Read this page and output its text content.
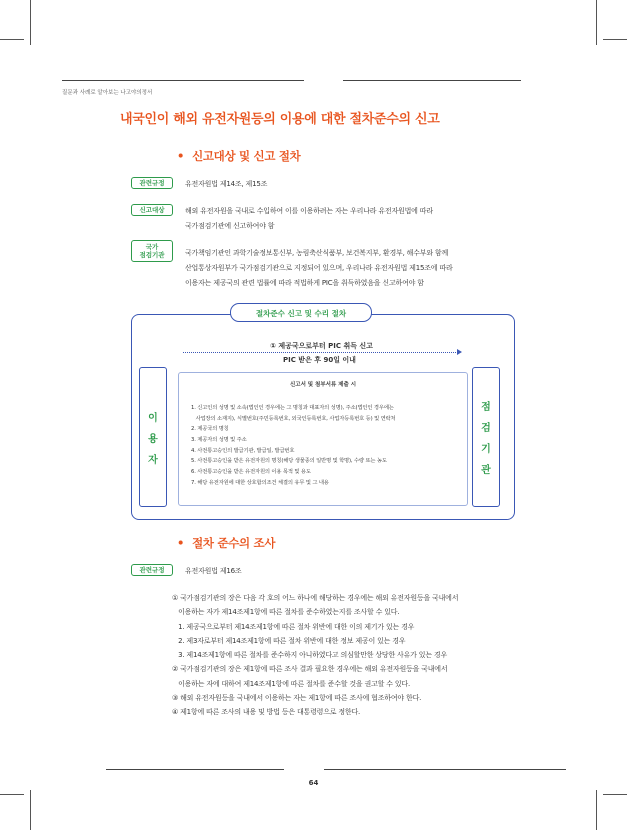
질문과 사례로 알아보는 나고야의정서
내국인이 해외 유전자원등의 이용에 대한 절차준수의 신고
• 신고대상 및 신고 절차
관련규정	유전자원법 제14조, 제15조
신고대상	해외 유전자원을 국내로 수입하여 이를 이용하려는 자는 우리나라 유전자원법에 따라
국가점검기관에 신고하여야 함
국가
점검기관	국가책임기관인 과학기술정보통신부, 농림축산식품부, 보건복지부, 환경부, 해수부와 함께
산업통상자원부가 국가점검기관으로 지정되어 있으며, 우리나라 유전자원법 제15조에 따라
이용자는 제공국의 관련 법률에 따라 적법하게 PIC을 취득하였음을 신고하여야 함
절차준수 신고 및 수리 절차
이
용
자
점
검
기
관
① 제공국으로부터 PIC 취득 신고
PIC 받은 후 90일 이내
신고서 및 첨부서류 제출 시
1. 신고인의 성명 및 소속(법인인 경우에는 그 명칭과 대표자의 성명), 주소(법인인 경우에는
사업장의 소재지), 식별번호(주민등록번호, 외국인등록번호, 사업자등록번호 등) 및 연락처
2. 제공국의 명칭
3. 제공자의 성명 및 주소
4. 사전통고승인의 발급기관, 발급일, 발급번호
5. 사전통고승인을 받은 유전자원의 명칭(해당 생물종의 일반명 및 학명), 수량 또는 농도
6. 사전통고승인을 받은 유전자원의 이용 목적 및 용도
7. 해당 유전자원에 대한 상호합의조건 체결의 유무 및 그 내용
• 절차 준수의 조사
관련규정	유전자원법 제16조
① 국가점검기관의 장은 다음 각 호의 어느 하나에 해당하는 경우에는 해외 유전자원등을 국내에서
이용하는 자가 제14조제1항에 따른 절차를 준수하였는지를 조사할 수 있다.
1. 제공국으로부터 제14조제1항에 따른 절차 위반에 대한 이의 제기가 있는 경우
2. 제3자로부터 제14조제1항에 따른 절차 위반에 대한 정보 제공이 있는 경우
3. 제14조제1항에 따른 절차를 준수하지 아니하였다고 의심할만한 상당한 사유가 있는 경우
② 국가점검기관의 장은 제1항에 따른 조사 결과 필요한 경우에는 해외 유전자원등을 국내에서
이용하는 자에 대하여 제14조제1항에 따른 절차를 준수할 것을 권고할 수 있다.
③ 해외 유전자원등을 국내에서 이용하는 자는 제1항에 따른 조사에 협조하여야 한다.
④ 제1항에 따른 조사의 내용 및 방법 등은 대통령령으로 정한다.
64
